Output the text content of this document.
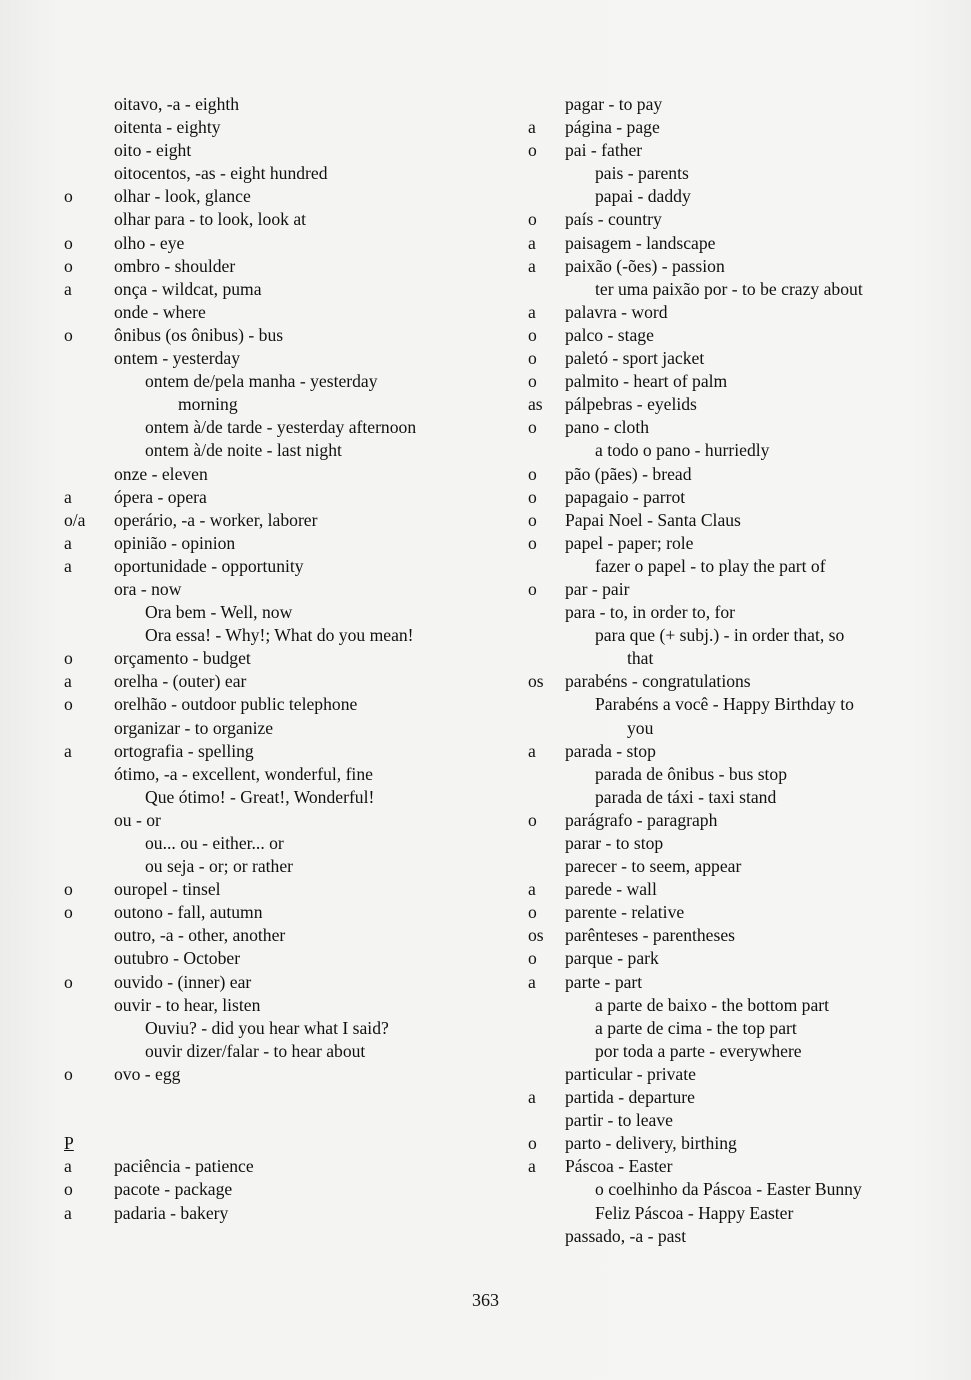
oitavo, -a - eighth
oitenta - eighty
oito - eight
oitocentos, -as - eight hundred
o olhar - look, glance
olhar para - to look, look at
o olho - eye
o ombro - shoulder
a onça - wildcat, puma
onde - where
o ônibus (os ônibus) - bus
ontem - yesterday
ontem de/pela manha - yesterday
morning
ontem à/de tarde - yesterday afternoon
ontem à/de noite - last night
onze - eleven
a ópera - opera
o/a operário, -a - worker, laborer
a opinião - opinion
a oportunidade - opportunity
ora - now
Ora bem - Well, now
Ora essa! - Why!; What do you mean!
o orçamento - budget
a orelha - (outer) ear
o orelhão - outdoor public telephone
organizar - to organize
a ortografia - spelling
ótimo, -a - excellent, wonderful, fine
Que ótimo! - Great!, Wonderful!
ou - or
ou... ou - either... or
ou seja - or; or rather
o ouropel - tinsel
o outono - fall, autumn
outro, -a - other, another
outubro - October
o ouvido - (inner) ear
ouvir - to hear, listen
Ouviu? - did you hear what I said?
ouvir dizer/falar - to hear about
o ovo - egg
P
a paciência - patience
o pacote - package
a padaria - bakery
pagar - to pay
a página - page
o pai - father
pais - parents
papai - daddy
o país - country
a paisagem - landscape
a paixão (-ões) - passion
ter uma paixão por - to be crazy about
a palavra - word
o palco - stage
o paletó - sport jacket
o palmito - heart of palm
as pálpebras - eyelids
o pano - cloth
a todo o pano - hurriedly
o pão (pães) - bread
o papagaio - parrot
o Papai Noel - Santa Claus
o papel - paper; role
fazer o papel - to play the part of
o par - pair
para - to, in order to, for
para que (+ subj.) - in order that, so
that
os parabéns - congratulations
Parabéns a você - Happy Birthday to
you
a parada - stop
parada de ônibus - bus stop
parada de táxi - taxi stand
o parágrafo - paragraph
parar - to stop
parecer - to seem, appear
a parede - wall
o parente - relative
os parênteses - parentheses
o parque - park
a parte - part
a parte de baixo - the bottom part
a parte de cima - the top part
por toda a parte - everywhere
particular - private
a partida - departure
partir - to leave
o parto - delivery, birthing
a Páscoa - Easter
o coelhinho da Páscoa - Easter Bunny
Feliz Páscoa - Happy Easter
passado, -a - past
363
